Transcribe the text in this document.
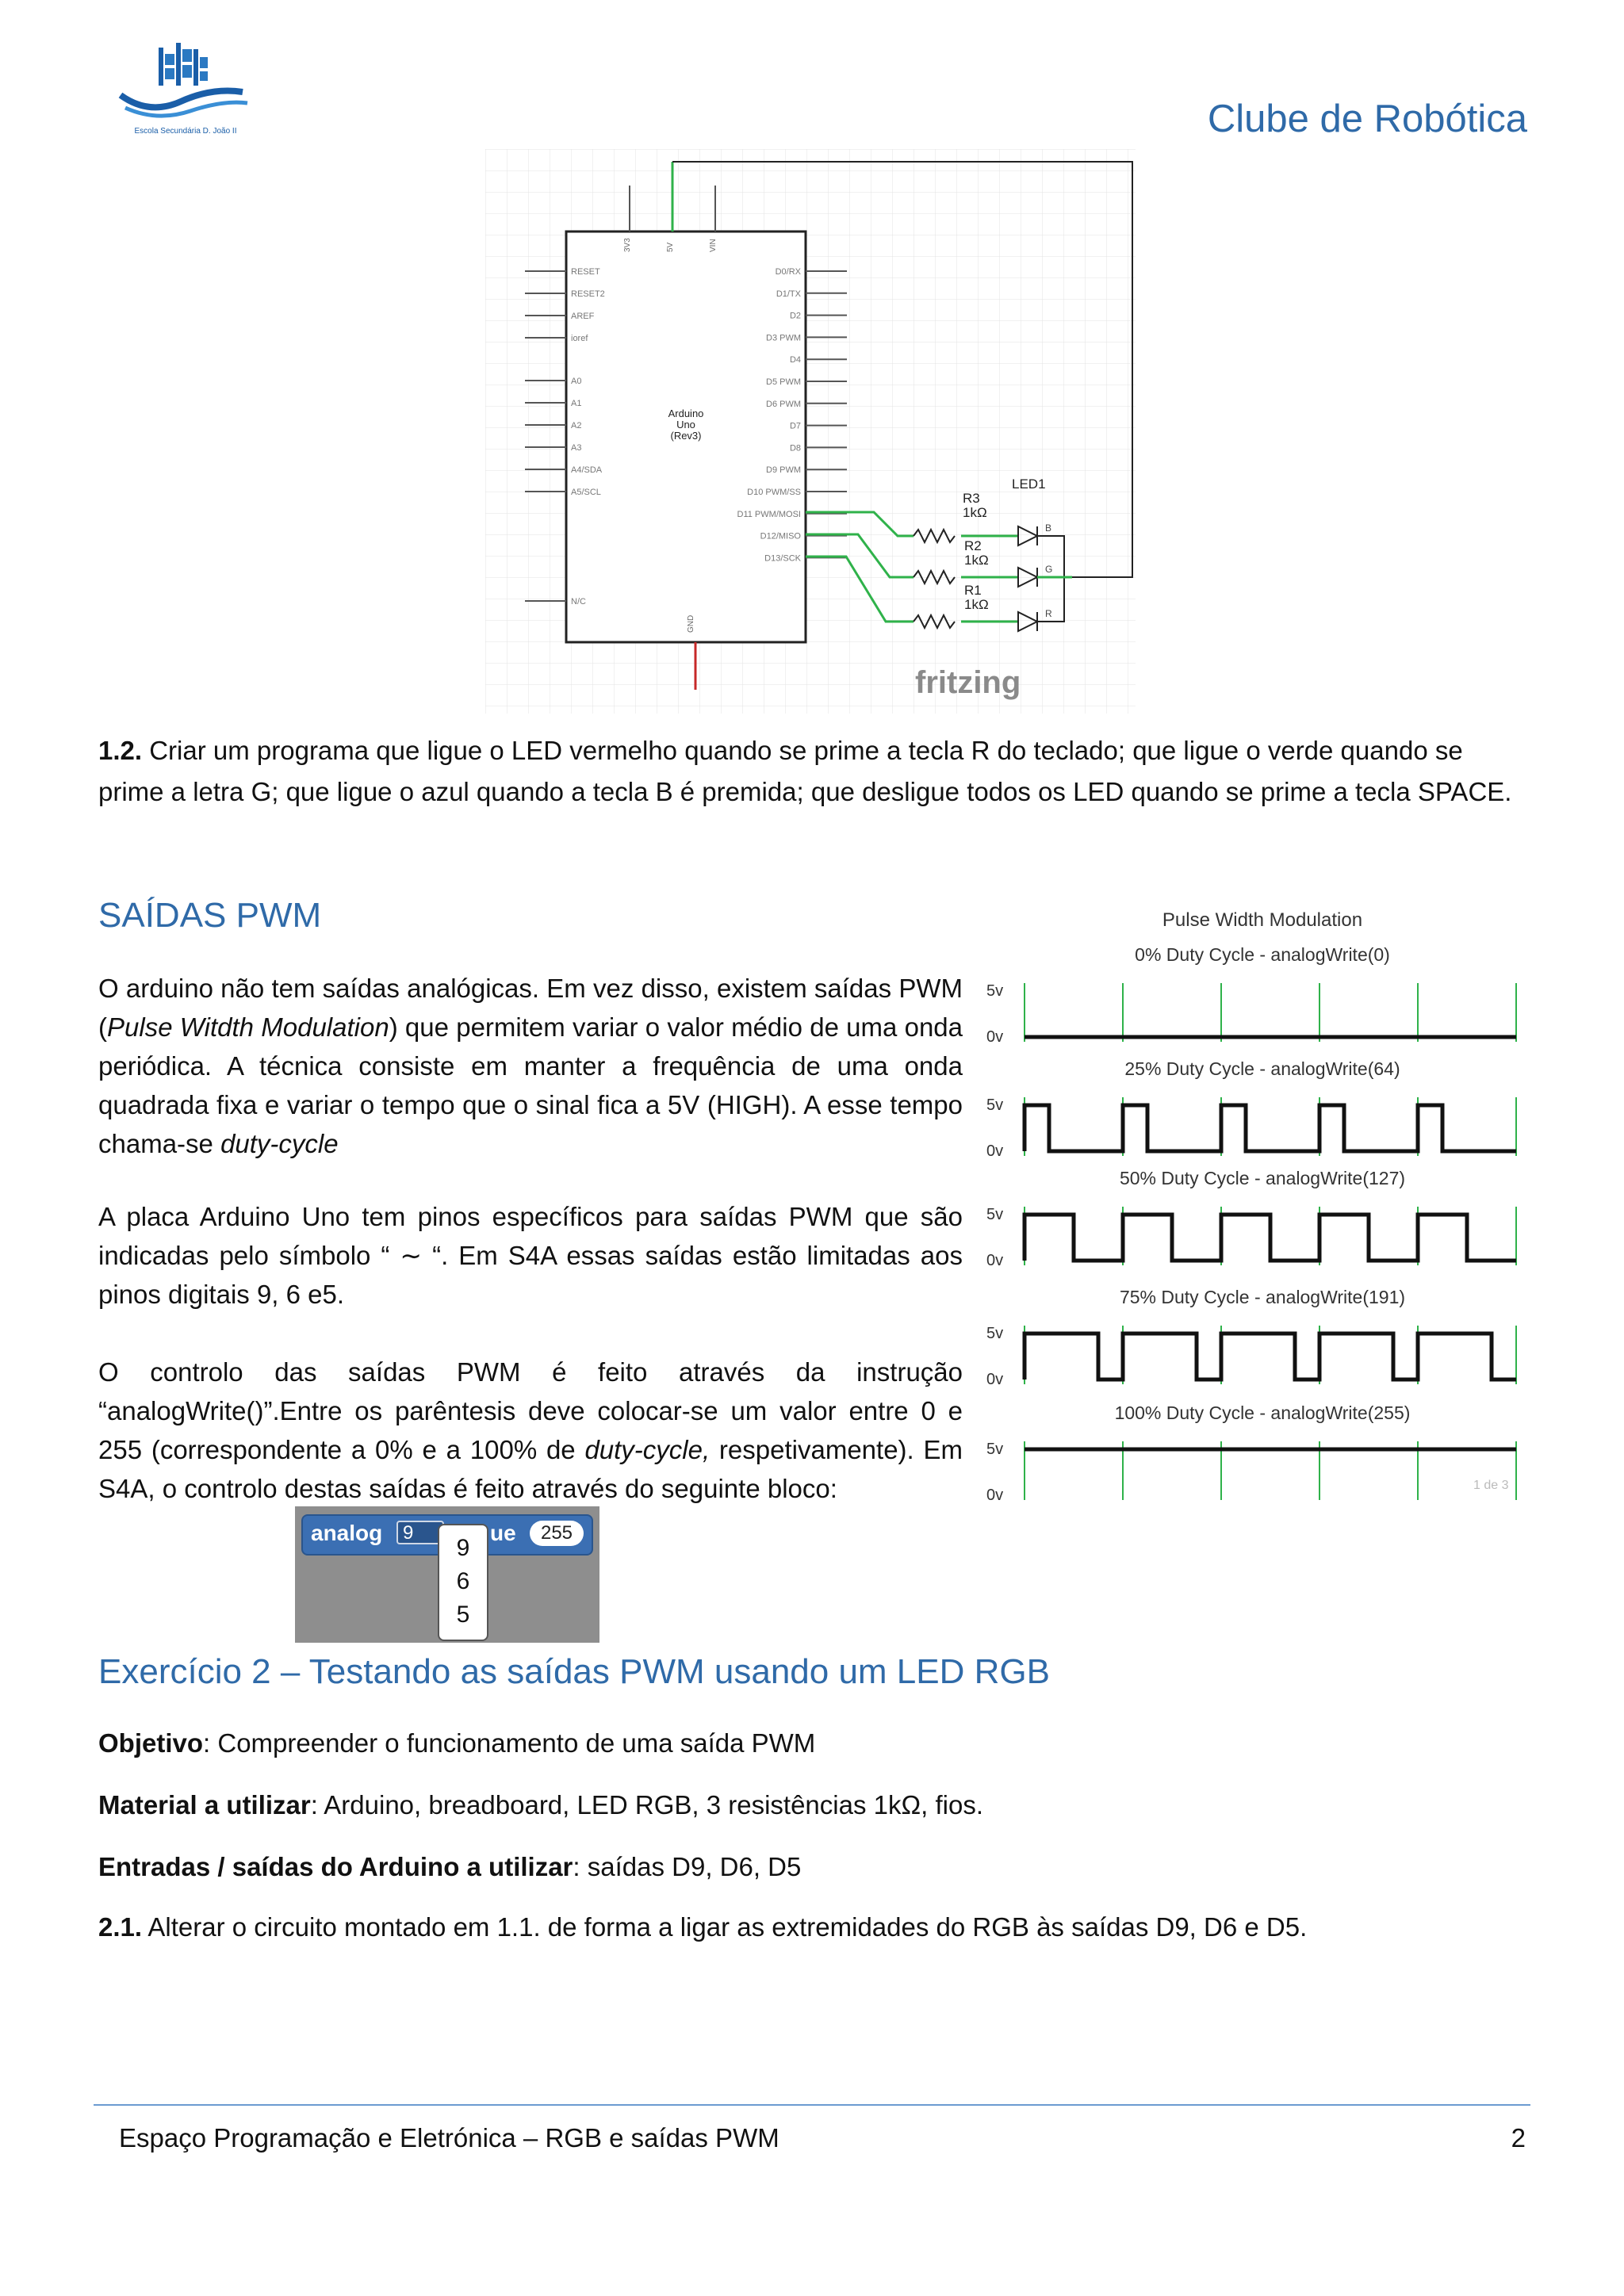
Escola Secundária D. João II	Clube de Robótica
Arduino
Uno
(Rev3)
3V3	5V	VIN
GND
RESET
RESET2
AREF
ioref
A0
A1
A2
A3
A4/SDA
A5/SCL
N/C
D0/RX
D1/TX
D2
D3 PWM
D4
D5 PWM
D6 PWM
D7
D8
D9 PWM
D10 PWM/SS
D11 PWM/MOSI
D12/MISO
D13/SCK
LED1
R3
1kΩ
R2
1kΩ
R1
1kΩ
B
G
R
fritzing
1.2. Criar um programa que ligue o LED vermelho quando se prime a tecla R do teclado; que ligue o verde quando se
prime a letra G; que ligue o azul quando a tecla B é premida; que desligue todos os LED quando se prime a tecla SPACE.
SAÍDAS PWM
O arduino não tem saídas analógicas. Em vez disso, existem saídas PWM (Pulse Witdth Modulation) que permitem variar o valor médio de uma onda periódica. A técnica consiste em manter a frequência de uma onda quadrada fixa e variar o tempo que o sinal fica a 5V (HIGH). A esse tempo chama-se duty-cycle
A placa Arduino Uno tem pinos específicos para saídas PWM que são indicadas pelo símbolo “ ∼ “. Em S4A essas saídas estão limitadas aos pinos digitais 9, 6 e5.
O controlo das saídas PWM é feito através da instrução “analogWrite()”.Entre os parêntesis deve colocar-se um valor entre 0 e 255 (correspondente a 0% e a 100% de duty-cycle, respetivamente). Em S4A, o controlo destas saídas é feito através do seguinte bloco:
analog	9	ue	255
9
6
5
Pulse Width Modulation
0% Duty Cycle - analogWrite(0)
5v
0v
25% Duty Cycle - analogWrite(64)
5v
0v
50% Duty Cycle - analogWrite(127)
5v
0v
75% Duty Cycle - analogWrite(191)
5v
0v
100% Duty Cycle - analogWrite(255)
5v
0v
1 de 3
Exercício 2 – Testando as saídas PWM usando um LED RGB
Objetivo: Compreender o funcionamento de uma saída PWM
Material a utilizar: Arduino, breadboard, LED RGB, 3 resistências 1kΩ, fios.
Entradas / saídas do Arduino a utilizar: saídas D9, D6, D5
2.1. Alterar o circuito montado em 1.1. de forma a ligar as extremidades do RGB às saídas D9, D6 e D5.
Espaço Programação e Eletrónica – RGB e saídas PWM	2
